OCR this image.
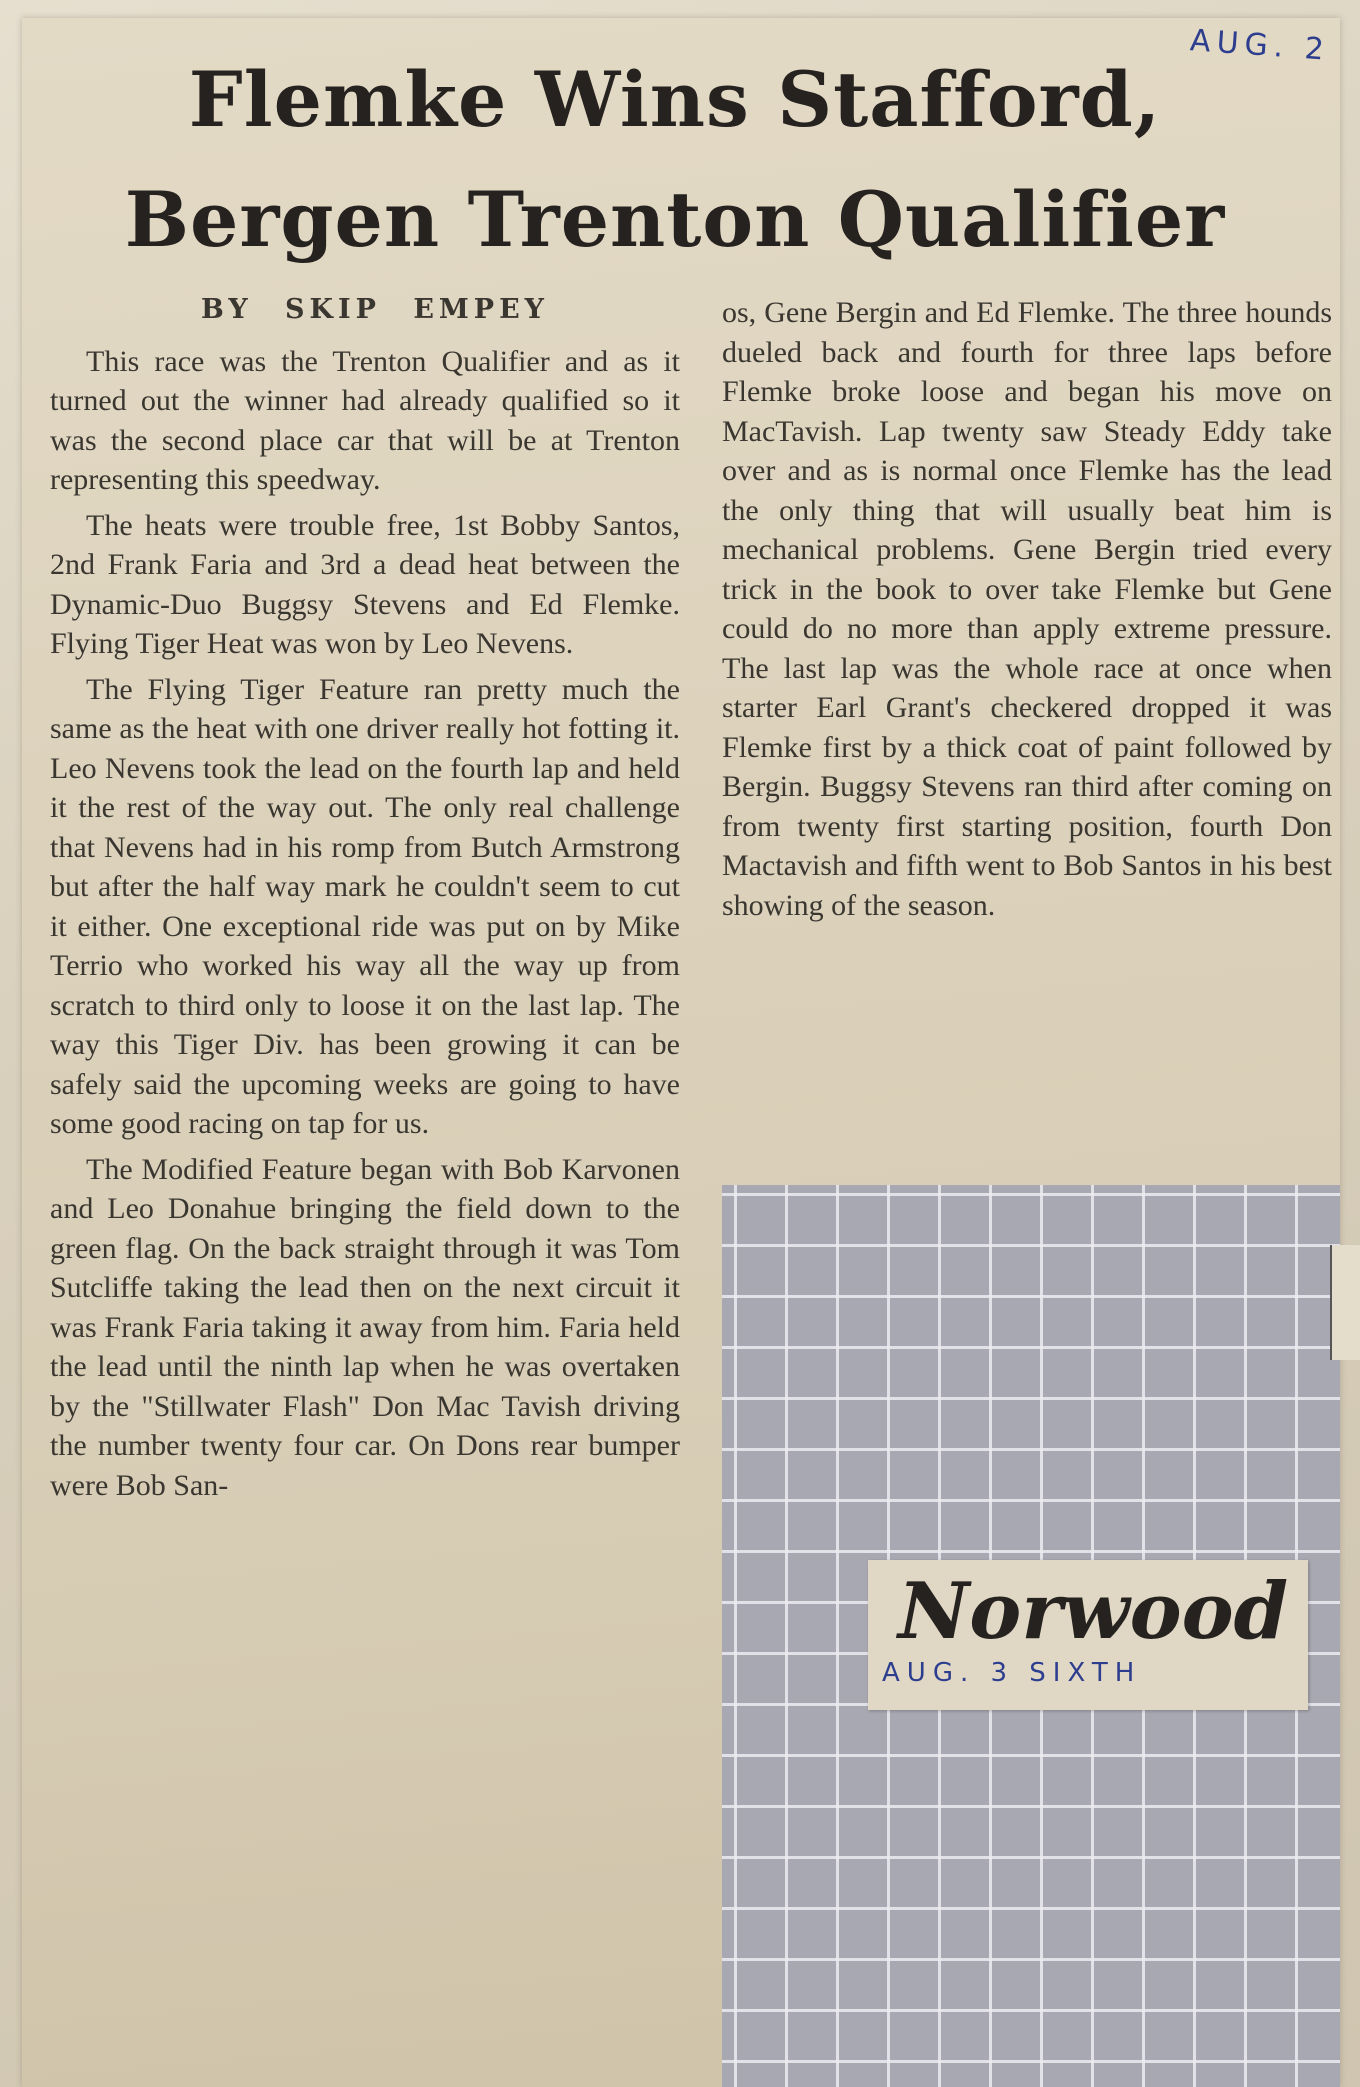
AUG. 2
Flemke Wins Stafford,
Bergen Trenton Qualifier
BY SKIP EMPEY

This race was the Trenton Qualifier and as it turned out the winner had already qualified so it was the second place car that will be at Trenton representing this speedway.

The heats were trouble free, 1st Bobby Santos, 2nd Frank Faria and 3rd a dead heat between the Dynamic-Duo Buggsy Stevens and Ed Flemke. Flying Tiger Heat was won by Leo Nevens.

The Flying Tiger Feature ran pretty much the same as the heat with one driver really hot fotting it. Leo Nevens took the lead on the fourth lap and held it the rest of the way out. The only real challenge that Nevens had in his romp from Butch Armstrong but after the half way mark he couldn't seem to cut it either. One exceptional ride was put on by Mike Terrio who worked his way all the way up from scratch to third only to loose it on the last lap. The way this Tiger Div. has been growing it can be safely said the upcoming weeks are going to have some good racing on tap for us.

The Modified Feature began with Bob Karvonen and Leo Donahue bringing the field down to the green flag. On the back straight through it was Tom Sutcliffe taking the lead then on the next circuit it was Frank Faria taking it away from him. Faria held the lead until the ninth lap when he was overtaken by the "Stillwater Flash" Don Mac Tavish driving the number twenty four car. On Dons rear bumper were Bob San-

os, Gene Bergin and Ed Flemke. The three hounds dueled back and fourth for three laps before Flemke broke loose and began his move on MacTavish. Lap twenty saw Steady Eddy take over and as is normal once Flemke has the lead the only thing that will usually beat him is mechanical problems. Gene Bergin tried every trick in the book to over take Flemke but Gene could do no more than apply extreme pressure. The last lap was the whole race at once when starter Earl Grant's checkered dropped it was Flemke first by a thick coat of paint followed by Bergin. Buggsy Stevens ran third after coming on from twenty first starting position, fourth Don Mactavish and fifth went to Bob Santos in his best showing of the season.

Norwood
AUG. 3 SIXTH
